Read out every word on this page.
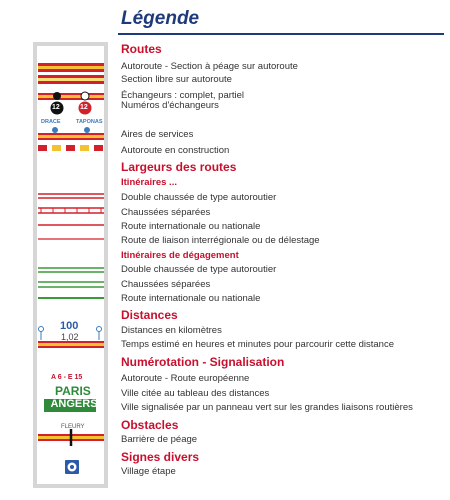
Légende
12	12
DRACE	TAPONAS
100
1,02
A 6 - E 15
PARIS
ANGERS
FLEURY
Routes
Autoroute - Section à péage sur autoroute
Section libre sur autoroute
Échangeurs : complet, partiel
Numéros d'échangeurs
Aires de services
Autoroute en construction
Largeurs des routes
Itinéraires ...
Double chaussée de type autoroutier
Chaussées séparées
Route internationale ou nationale
Route de liaison interrégionale ou de délestage
Itinéraires de dégagement
Double chaussée de type autoroutier
Chaussées séparées
Route internationale ou nationale
Distances
Distances en kilomètres
Temps estimé en heures et minutes pour parcourir cette distance
Numérotation - Signalisation
Autoroute - Route européenne
Ville citée au tableau des distances
Ville signalisée par un panneau vert sur les grandes liaisons routières
Obstacles
Barrière de péage
Signes divers
Village étape
